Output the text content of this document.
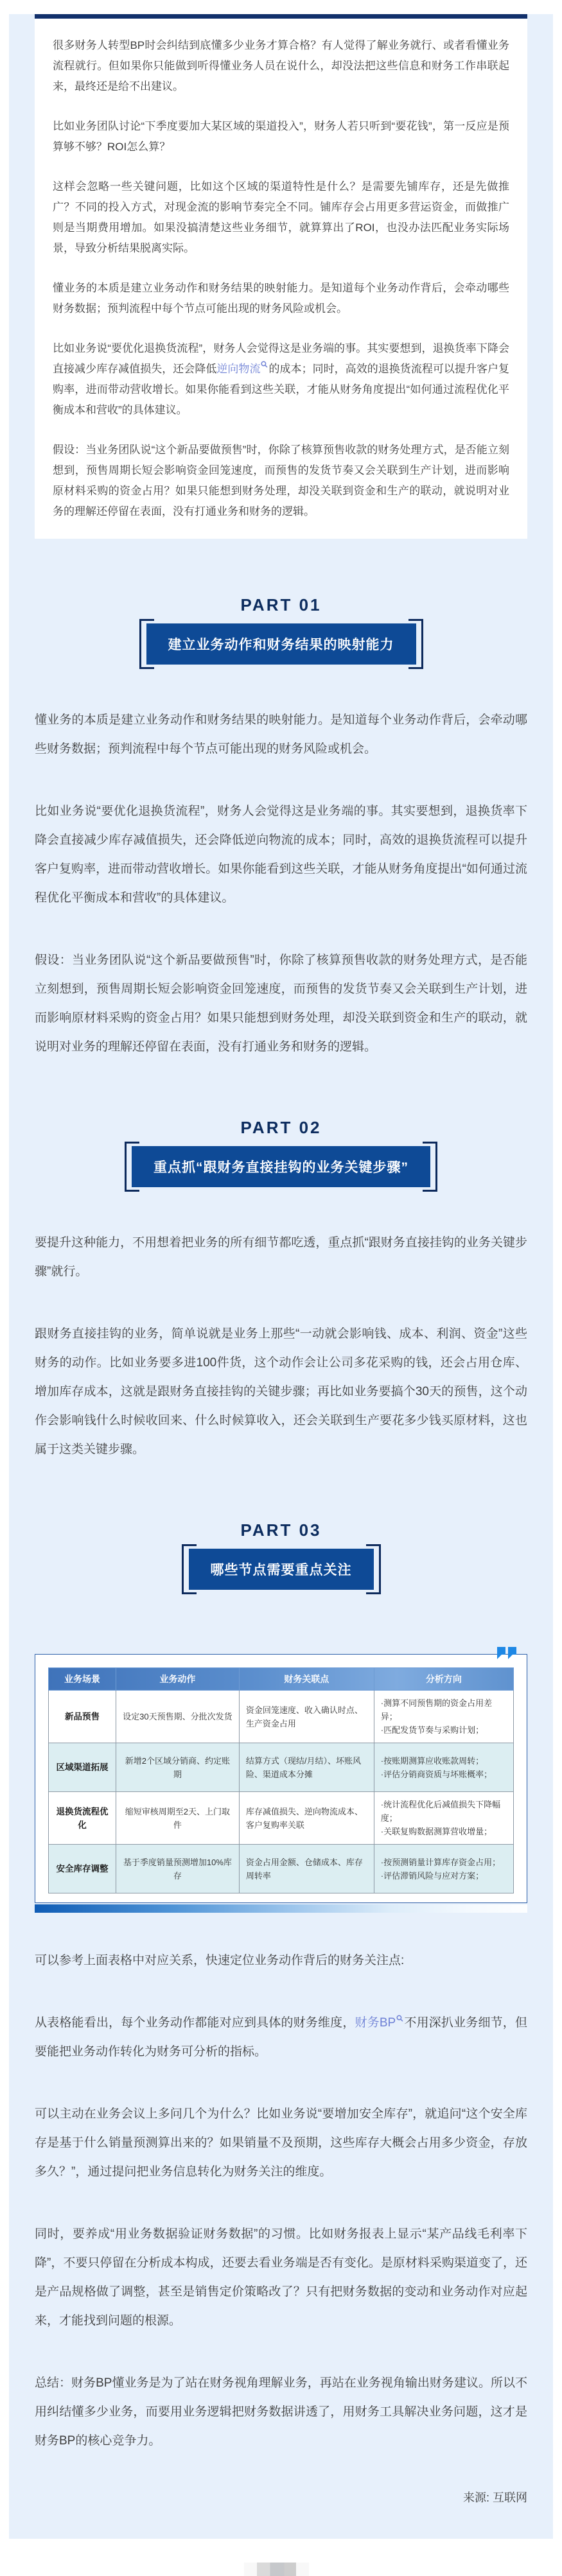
很多财务人转型BP时会纠结到底懂多少业务才算合格？有人觉得了解业务就行、或者看懂业务流程就行。但如果你只能做到听得懂业务人员在说什么，却没法把这些信息和财务工作串联起来，最终还是给不出建议。

比如业务团队讨论“下季度要加大某区域的渠道投入”，财务人若只听到“要花钱”，第一反应是预算够不够？ROI怎么算？

这样会忽略一些关键问题，比如这个区域的渠道特性是什么？是需要先铺库存，还是先做推广？不同的投入方式，对现金流的影响节奏完全不同。铺库存会占用更多营运资金，而做推广则是当期费用增加。如果没搞清楚这些业务细节，就算算出了ROI，也没办法匹配业务实际场景，导致分析结果脱离实际。

懂业务的本质是建立业务动作和财务结果的映射能力。是知道每个业务动作背后，会牵动哪些财务数据；预判流程中每个节点可能出现的财务风险或机会。

比如业务说“要优化退换货流程”，财务人会觉得这是业务端的事。其实要想到，退换货率下降会直接减少库存减值损失，还会降低逆向物流 的成本；同时，高效的退换货流程可以提升客户复购率，进而带动营收增长。如果你能看到这些关联，才能从财务角度提出“如何通过流程优化平衡成本和营收”的具体建议。

假设：当业务团队说“这个新品要做预售”时，你除了核算预售收款的财务处理方式，是否能立刻想到，预售周期长短会影响资金回笼速度，而预售的发货节奏又会关联到生产计划，进而影响原材料采购的资金占用？如果只能想到财务处理，却没关联到资金和生产的联动，就说明对业务的理解还停留在表面，没有打通业务和财务的逻辑。

PART 01
建立业务动作和财务结果的映射能力

懂业务的本质是建立业务动作和财务结果的映射能力。是知道每个业务动作背后，会牵动哪些财务数据；预判流程中每个节点可能出现的财务风险或机会。

比如业务说“要优化退换货流程”，财务人会觉得这是业务端的事。其实要想到，退换货率下降会直接减少库存减值损失，还会降低逆向物流的成本；同时，高效的退换货流程可以提升客户复购率，进而带动营收增长。如果你能看到这些关联，才能从财务角度提出“如何通过流程优化平衡成本和营收”的具体建议。

假设：当业务团队说“这个新品要做预售”时，你除了核算预售收款的财务处理方式，是否能立刻想到，预售周期长短会影响资金回笼速度，而预售的发货节奏又会关联到生产计划，进而影响原材料采购的资金占用？如果只能想到财务处理，却没关联到资金和生产的联动，就说明对业务的理解还停留在表面，没有打通业务和财务的逻辑。

PART 02
重点抓“跟财务直接挂钩的业务关键步骤”

要提升这种能力，不用想着把业务的所有细节都吃透，重点抓“跟财务直接挂钩的业务关键步骤”就行。

跟财务直接挂钩的业务，简单说就是业务上那些“一动就会影响钱、成本、利润、资金”这些财务的动作。比如业务要多进100件货，这个动作会让公司多花采购的钱，还会占用仓库、增加库存成本，这就是跟财务直接挂钩的关键步骤；再比如业务要搞个30天的预售，这个动作会影响钱什么时候收回来、什么时候算收入，还会关联到生产要花多少钱买原材料，这也属于这类关键步骤。

PART 03
哪些节点需要重点关注
业务场景	业务动作	财务关联点	分析方向
新品预售	设定30天预售期、分批次发货	资金回笼速度、收入确认时点、生产资金占用	·测算不同预售期的资金占用差异；
·匹配发货节奏与采购计划；

区域渠道拓展	新增2个区域分销商、约定账期	结算方式（现结/月结）、坏账风险、渠道成本分摊	·按账期测算应收账款周转；
·评估分销商资质与坏账概率；

退换货流程优化	缩短审核周期至2天、上门取件	库存减值损失、逆向物流成本、客户复购率关联	·统计流程优化后减值损失下降幅度；
·关联复购数据测算营收增量；

安全库存调整	基于季度销量预测增加10%库存	资金占用金额、仓储成本、库存周转率	·按预测销量计算库存资金占用；
·评估滞销风险与应对方案；

可以参考上面表格中对应关系，快速定位业务动作背后的财务关注点:

从表格能看出，每个业务动作都能对应到具体的财务维度，财务BP 不用深扒业务细节，但要能把业务动作转化为财务可分析的指标。

可以主动在业务会议上多问几个为什么？比如业务说“要增加安全库存”，就追问“这个安全库存是基于什么销量预测算出来的？如果销量不及预期，这些库存大概会占用多少资金，存放多久？”，通过提问把业务信息转化为财务关注的维度。

同时，要养成“用业务数据验证财务数据”的习惯。比如财务报表上显示“某产品线毛利率下降”，不要只停留在分析成本构成，还要去看业务端是否有变化。是原材料采购渠道变了，还是产品规格做了调整，甚至是销售定价策略改了？只有把财务数据的变动和业务动作对应起来，才能找到问题的根源。

总结：财务BP懂业务是为了站在财务视角理解业务，再站在业务视角输出财务建议。所以不用纠结懂多少业务，而要用业务逻辑把财务数据讲透了，用财务工具解决业务问题，这才是财务BP的核心竞争力。

来源: 互联网
